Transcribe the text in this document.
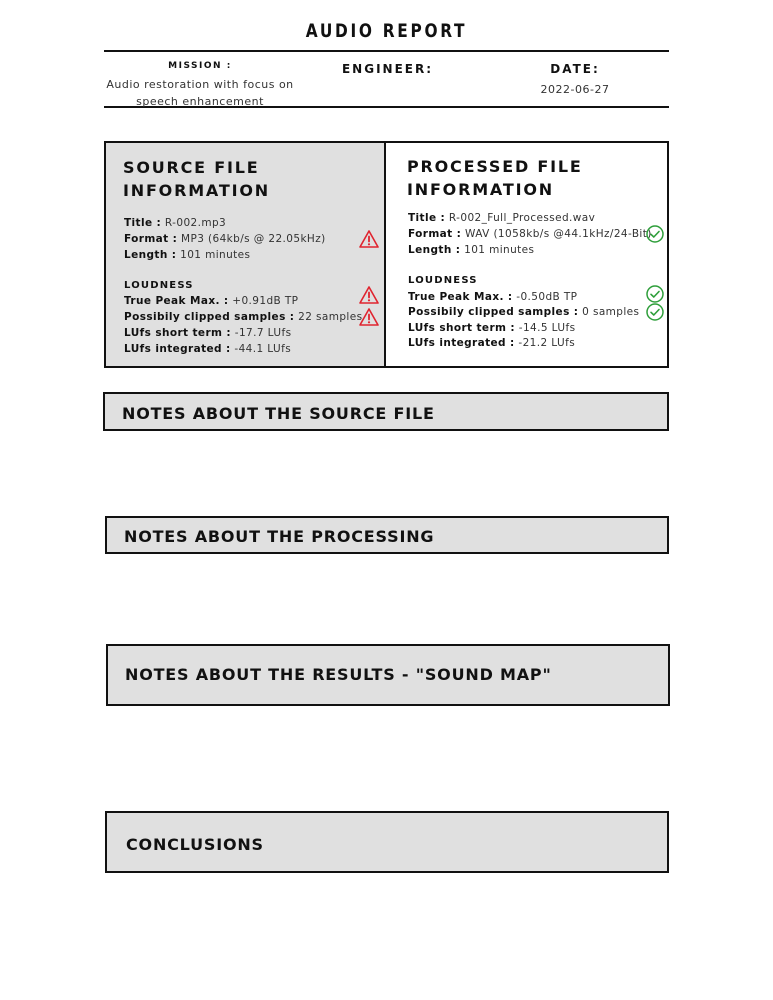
AUDIO REPORT
MISSION :
Audio restoration with focus on
speech enhancement
ENGINEER:	DATE:
2022-06-27
SOURCE FILE
INFORMATION
Title : R-002.mp3
Format : MP3 (64kb/s @ 22.05kHz)
Length : 101 minutes
LOUDNESS
True Peak Max. : +0.91dB TP
Possibily clipped samples : 22 samples
LUfs short term : -17.7 LUfs
LUfs integrated : -44.1 LUfs
PROCESSED FILE
INFORMATION
Title : R-002_Full_Processed.wav
Format : WAV (1058kb/s @44.1kHz/24-Bit)
Length : 101 minutes
LOUDNESS
True Peak Max. : -0.50dB TP
Possibily clipped samples : 0 samples
LUfs short term : -14.5 LUfs
LUfs integrated : -21.2 LUfs
NOTES ABOUT THE SOURCE FILE
NOTES ABOUT THE PROCESSING
NOTES ABOUT THE RESULTS - "SOUND MAP"
CONCLUSIONS
